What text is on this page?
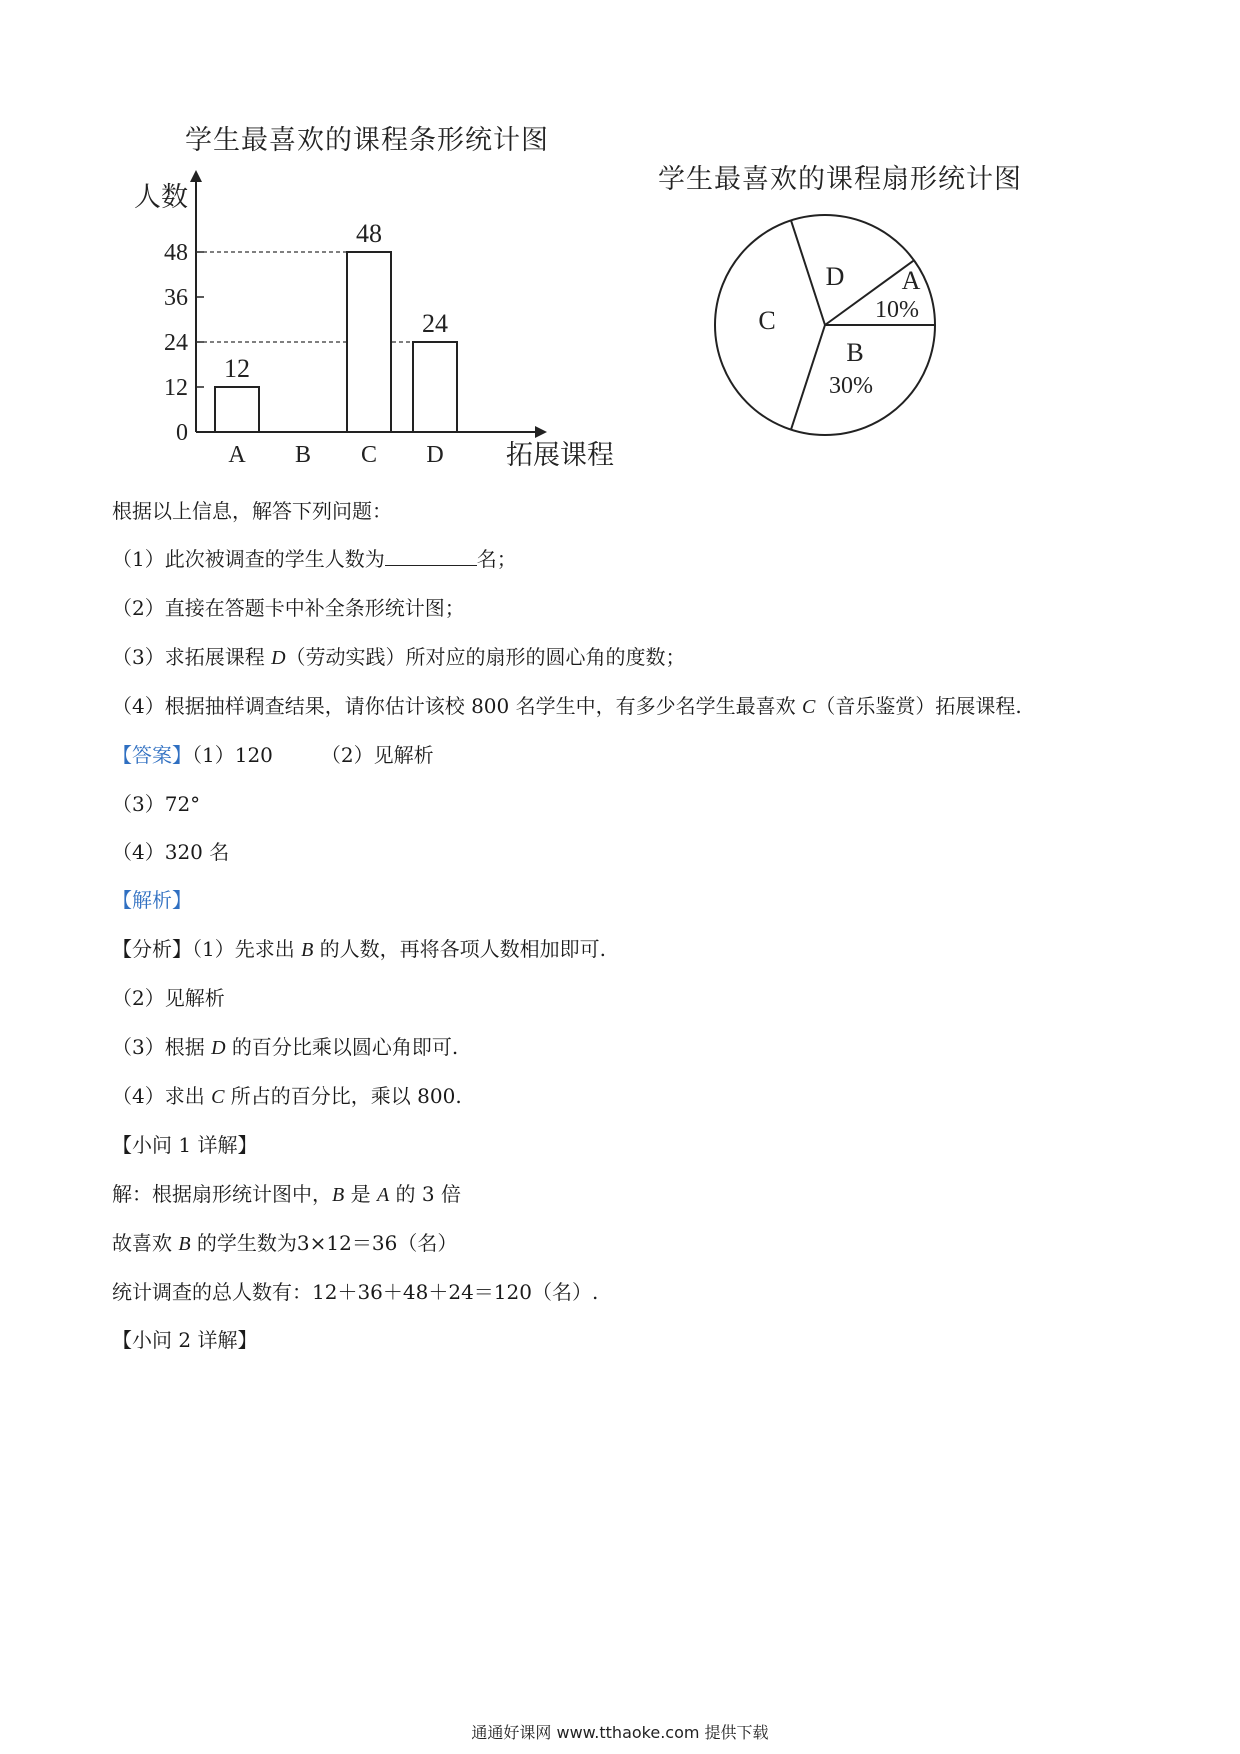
学生最喜欢的课程条形统计图
0
12
24
36
48
12
A B
48
C
24
D
人数
拓展课程
学生最喜欢的课程扇形统计图
A
10%
B
30%
C
D
根据以上信息，解答下列问题：
（1）此次被调查的学生人数为	名；
（2）直接在答题卡中补全条形统计图；
（3）求拓展课程 D（劳动实践）所对应的扇形的圆心角的度数；
（4）根据抽样调查结果，请你估计该校 800 名学生中，有多少名学生最喜欢 C（音乐鉴赏）拓展课程.
【答案】（1）120 （2）见解析
（3）72°
（4）320 名
【解析】
【分析】（1）先求出 B 的人数，再将各项人数相加即可.
（2）见解析
（3）根据 D 的百分比乘以圆心角即可.
（4）求出 C 所占的百分比，乘以 800.
【小问 1 详解】
解：根据扇形统计图中，B 是 A 的 3 倍
故喜欢 B 的学生数为3×12＝36（名）
统计调查的总人数有：12＋36＋48＋24＝120（名）.
【小问 2 详解】
通通好课网 www.tthaoke.com 提供下载
